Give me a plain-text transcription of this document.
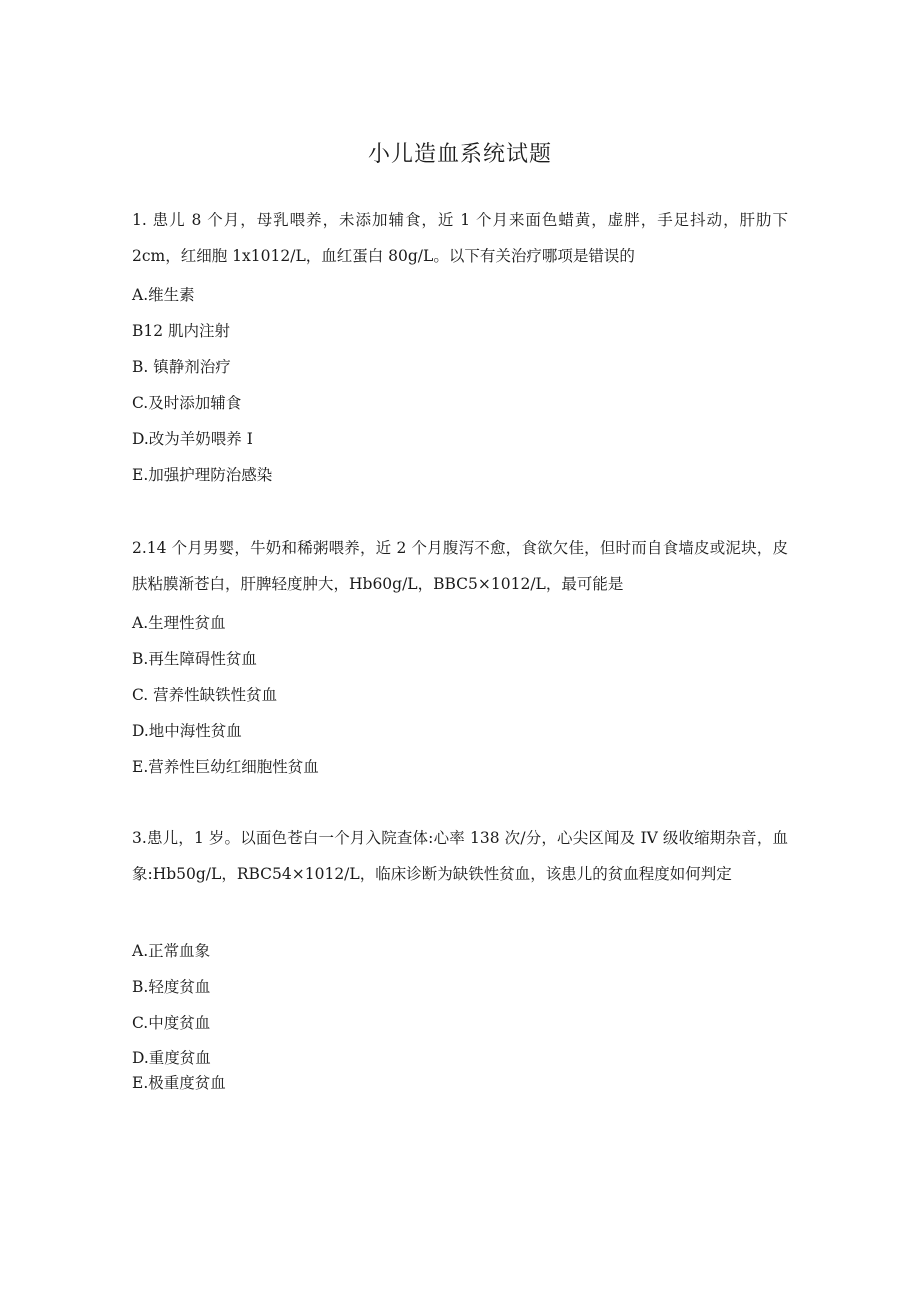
小儿造血系统试题
1. 患儿 8 个月，母乳喂养，未添加辅食，近 1 个月来面色蜡黄，虚胖，手足抖动，肝肋下 2cm，红细胞 1x1012/L，血红蛋白 80g/L。以下有关治疗哪项是错误的
A.维生素
B12 肌内注射
B. 镇静剂治疗
C.及时添加辅食
D.改为羊奶喂养 I
E.加强护理防治感染
2.14 个月男婴，牛奶和稀粥喂养，近 2 个月腹泻不愈，食欲欠佳，但时而自食墙皮或泥块，皮肤粘膜渐苍白，肝脾轻度肿大，Hb60g/L，BBC5×1012/L，最可能是
A.生理性贫血
B.再生障碍性贫血
C. 营养性缺铁性贫血
D.地中海性贫血
E.营养性巨幼红细胞性贫血
3.患儿，1 岁。以面色苍白一个月入院查体:心率 138 次/分，心尖区闻及 IV 级收缩期杂音，血象:Hb50g/L，RBC54×1012/L，临床诊断为缺铁性贫血，该患儿的贫血程度如何判定
A.正常血象
B.轻度贫血
C.中度贫血
D.重度贫血
E.极重度贫血
